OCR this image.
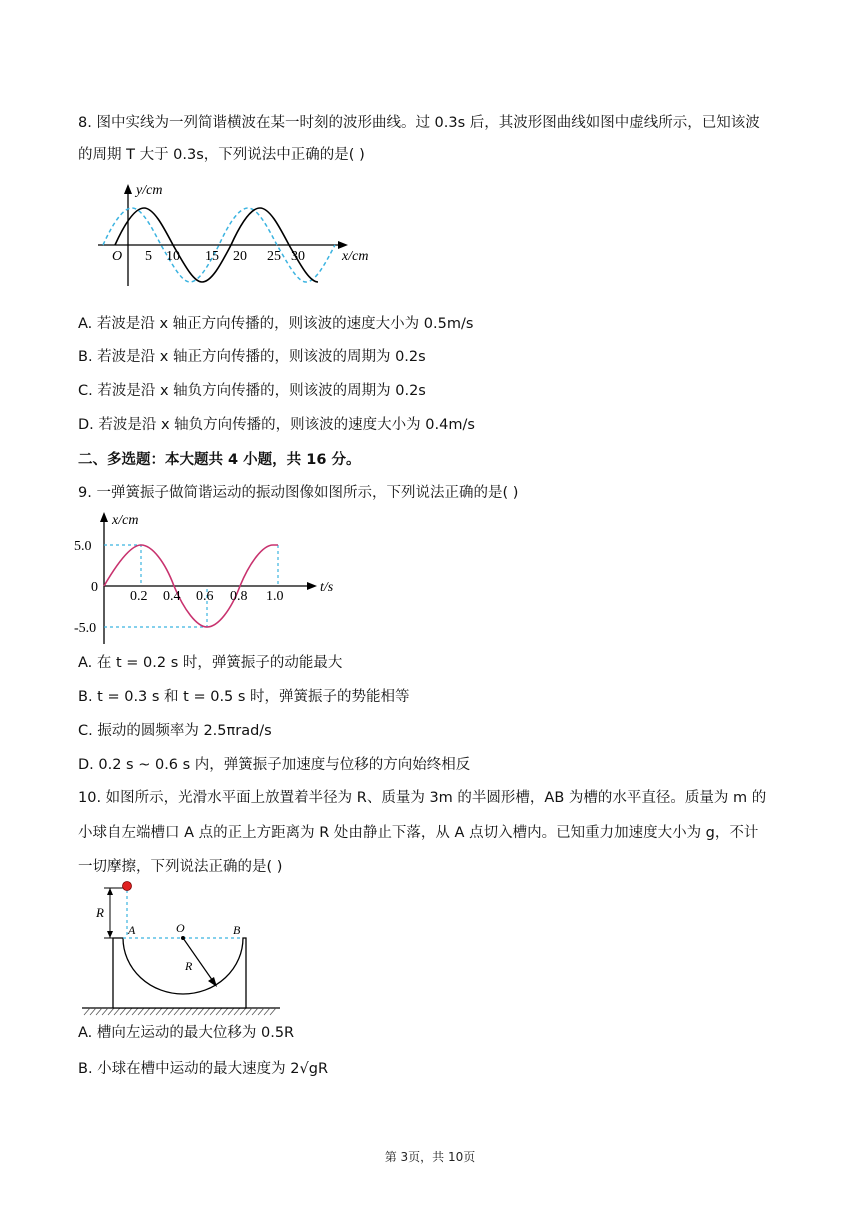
8. 图中实线为一列简谐横波在某一时刻的波形曲线。过 0.3s 后，其波形图曲线如图中虚线所示，已知该波
的周期 T 大于 0.3s，下列说法中正确的是( )
y/cm
x/cm
O 5 10 15 20 25 30
A. 若波是沿 x 轴正方向传播的，则该波的速度大小为 0.5m/s
B. 若波是沿 x 轴正方向传播的，则该波的周期为 0.2s
C. 若波是沿 x 轴负方向传播的，则该波的周期为 0.2s
D. 若波是沿 x 轴负方向传播的，则该波的速度大小为 0.4m/s
二、多选题：本大题共 4 小题，共 16 分。
9. 一弹簧振子做简谐运动的振动图像如图所示，下列说法正确的是( )
x/cm
t/s
0
5.0
-5.0
0.2 0.4 0.6 0.8 1.0
A. 在 t = 0.2 s 时，弹簧振子的动能最大
B. t = 0.3 s 和 t = 0.5 s 时，弹簧振子的势能相等
C. 振动的圆频率为 2.5πrad/s
D. 0.2 s ~ 0.6 s 内，弹簧振子加速度与位移的方向始终相反
10. 如图所示，光滑水平面上放置着半径为 R、质量为 3m 的半圆形槽，AB 为槽的水平直径。质量为 m 的
小球自左端槽口 A 点的正上方距离为 R 处由静止下落，从 A 点切入槽内。已知重力加速度大小为 g，不计
一切摩擦，下列说法正确的是( )
R
A	O	B
R
A. 槽向左运动的最大位移为 0.5R
B. 小球在槽中运动的最大速度为 2√gR
第 3页，共 10页
